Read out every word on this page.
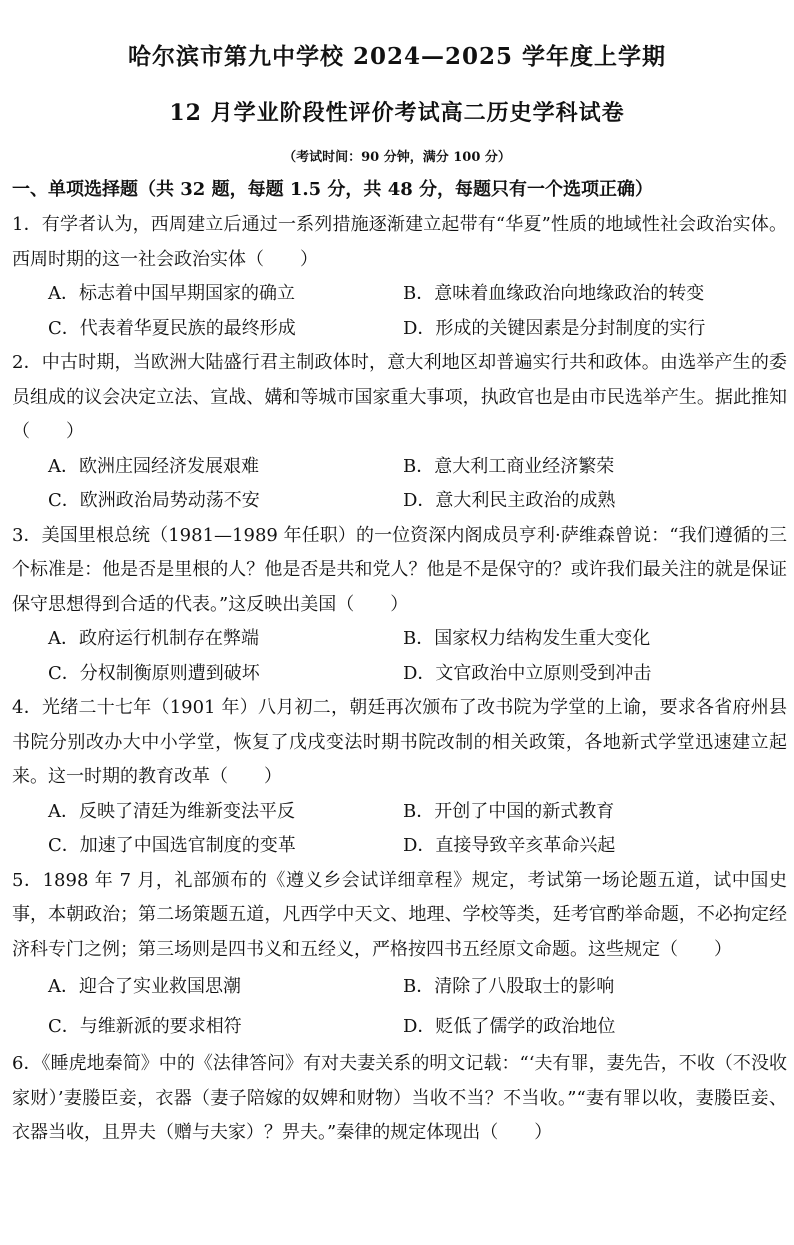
哈尔滨市第九中学校 2024—2025 学年度上学期
12 月学业阶段性评价考试高二历史学科试卷
（考试时间：90 分钟，满分 100 分）
一、单项选择题（共 32 题，每题 1.5 分，共 48 分，每题只有一个选项正确）

1．有学者认为，西周建立后通过一系列措施逐渐建立起带有“华夏”性质的地域性社会政治实体。西周时期的这一社会政治实体（　　）

A．标志着中国早期国家的确立	B．意味着血缘政治向地缘政治的转变
C．代表着华夏民族的最终形成	D．形成的关键因素是分封制度的实行

2．中古时期，当欧洲大陆盛行君主制政体时，意大利地区却普遍实行共和政体。由选举产生的委员组成的议会决定立法、宣战、媾和等城市国家重大事项，执政官也是由市民选举产生。据此推知（　　）

A．欧洲庄园经济发展艰难	B．意大利工商业经济繁荣
C．欧洲政治局势动荡不安	D．意大利民主政治的成熟

3．美国里根总统（1981—1989 年任职）的一位资深内阁成员亨利·萨维森曾说：“我们遵循的三个标准是：他是否是里根的人？他是否是共和党人？他是不是保守的？或许我们最关注的就是保证保守思想得到合适的代表。”这反映出美国（　　）

A．政府运行机制存在弊端	B．国家权力结构发生重大变化
C．分权制衡原则遭到破坏	D．文官政治中立原则受到冲击

4．光绪二十七年（1901 年）八月初二，朝廷再次颁布了改书院为学堂的上谕，要求各省府州县书院分别改办大中小学堂，恢复了戊戌变法时期书院改制的相关政策，各地新式学堂迅速建立起来。这一时期的教育改革（　　）

A．反映了清廷为维新变法平反	B．开创了中国的新式教育
C．加速了中国选官制度的变革	D．直接导致辛亥革命兴起

5．1898 年 7 月，礼部颁布的《遵义乡会试详细章程》规定，考试第一场论题五道，试中国史事，本朝政治；第二场策题五道，凡西学中天文、地理、学校等类，廷考官酌举命题，不必拘定经济科专门之例；第三场则是四书义和五经义，严格按四书五经原文命题。这些规定（　　）

A．迎合了实业救国思潮	B．清除了八股取士的影响
C．与维新派的要求相符	D．贬低了儒学的政治地位

6．《睡虎地秦简》中的《法律答问》有对夫妻关系的明文记载：“‘夫有罪，妻先告，不收（不没收家财）’妻媵臣妾，衣器（妻子陪嫁的奴婢和财物）当收不当？不当收。”“妻有罪以收，妻媵臣妾、衣器当收，且畀夫（赠与夫家）？畀夫。”秦律的规定体现出（　　）
